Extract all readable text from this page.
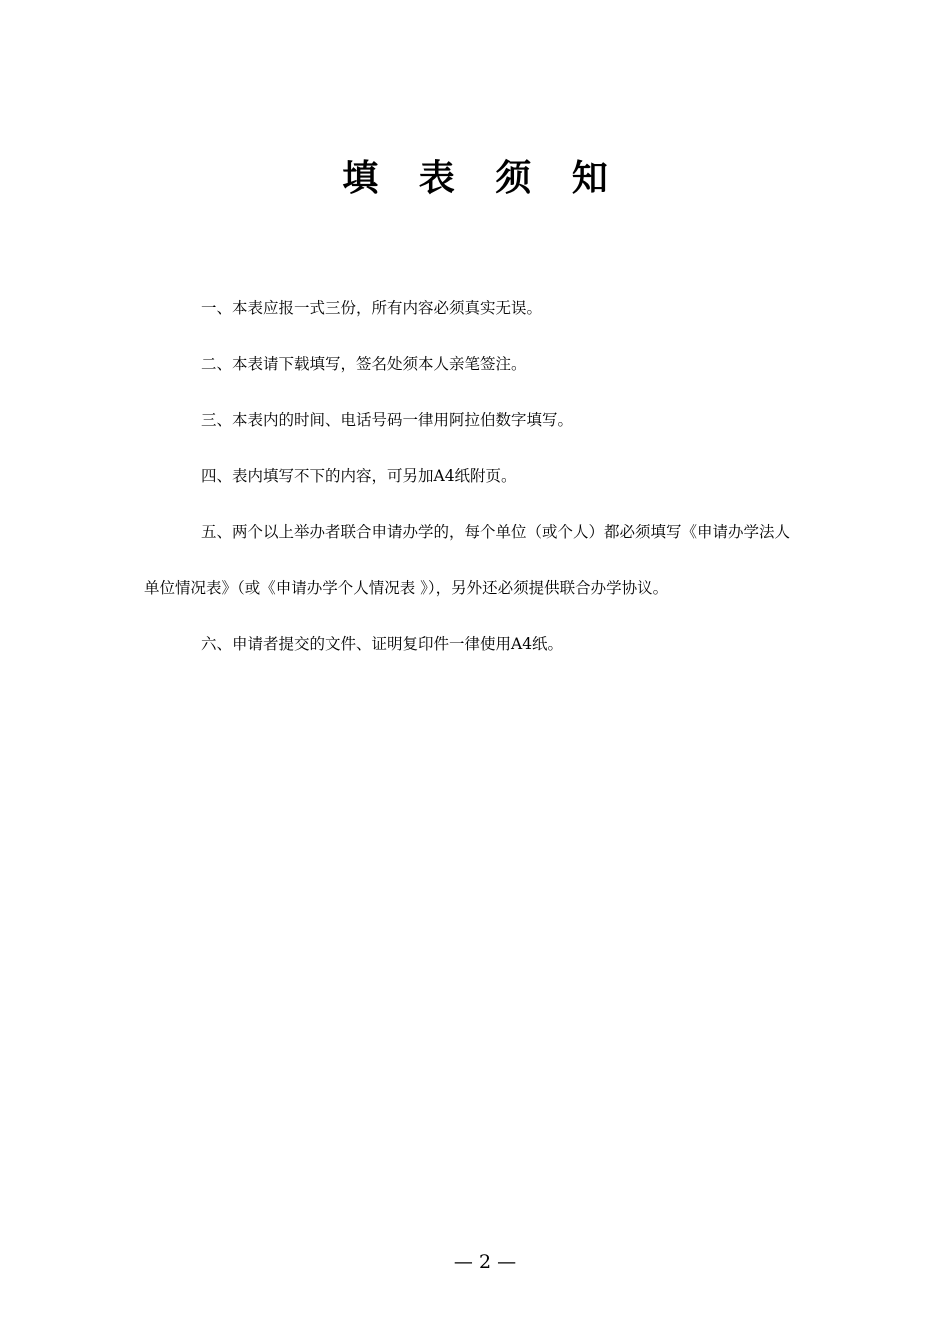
填 表 须 知

一、本表应报一式三份，所有内容必须真实无误。

二、本表请下载填写，签名处须本人亲笔签注。

三、本表内的时间、电话号码一律用阿拉伯数字填写。

四、表内填写不下的内容，可另加A4纸附页。

五、两个以上举办者联合申请办学的，每个单位（或个人）都必须填写《申请办学法人
单位情况表》（或《申请办学个人情况表 》），另外还必须提供联合办学协议。

六、申请者提交的文件、证明复印件一律使用A4纸。

— 2 —
